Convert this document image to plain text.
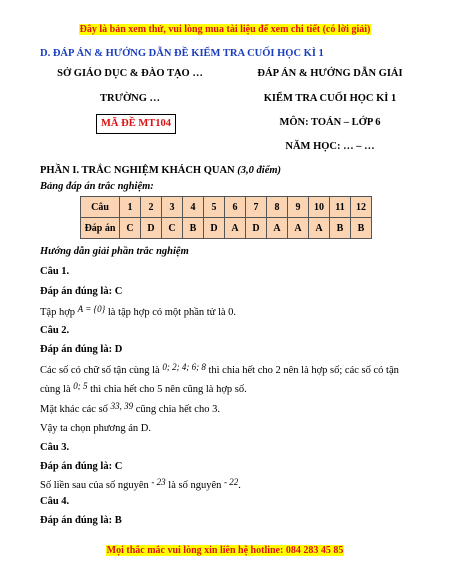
Đây là bản xem thử, vui lòng mua tài liệu để xem chi tiết (có lời giải)
D. ĐÁP ÁN & HƯỚNG DẪN ĐỀ KIỂM TRA CUỐI HỌC KÌ 1
SỞ GIÁO DỤC & ĐÀO TẠO …
TRƯỜNG …
MÃ ĐỀ MT104
ĐÁP ÁN & HƯỚNG DẪN GIẢI
KIỂM TRA CUỐI HỌC KÌ 1
MÔN: TOÁN – LỚP 6
NĂM HỌC: … – …
PHẦN I. TRẮC NGHIỆM KHÁCH QUAN (3,0 điểm)
Bảng đáp án trắc nghiệm:
Câu	1	2	3	4	5	6	7	8	9	10	11	12
Đáp án	C	D	C	B	D	A	D	A	A	A	B	B
Hướng dẫn giải phần trắc nghiệm
Câu 1.
Đáp án đúng là: C
Tập hợp A = {0} là tập hợp có một phần tử là 0.
Câu 2.
Đáp án đúng là: D
Các số có chữ số tận cùng là 0; 2; 4; 6; 8 thì chia hết cho 2 nên là hợp số; các số có tận
cùng là 0; 5 thì chia hết cho 5 nên cũng là hợp số.
Mặt khác các số 33, 39 cũng chia hết cho 3.
Vậy ta chọn phương án D.
Câu 3.
Đáp án đúng là: C
Số liền sau của số nguyên - 23 là số nguyên - 22.
Câu 4.
Đáp án đúng là: B
Mọi thắc mắc vui lòng xin liên hệ hotline: 084 283 45 85
